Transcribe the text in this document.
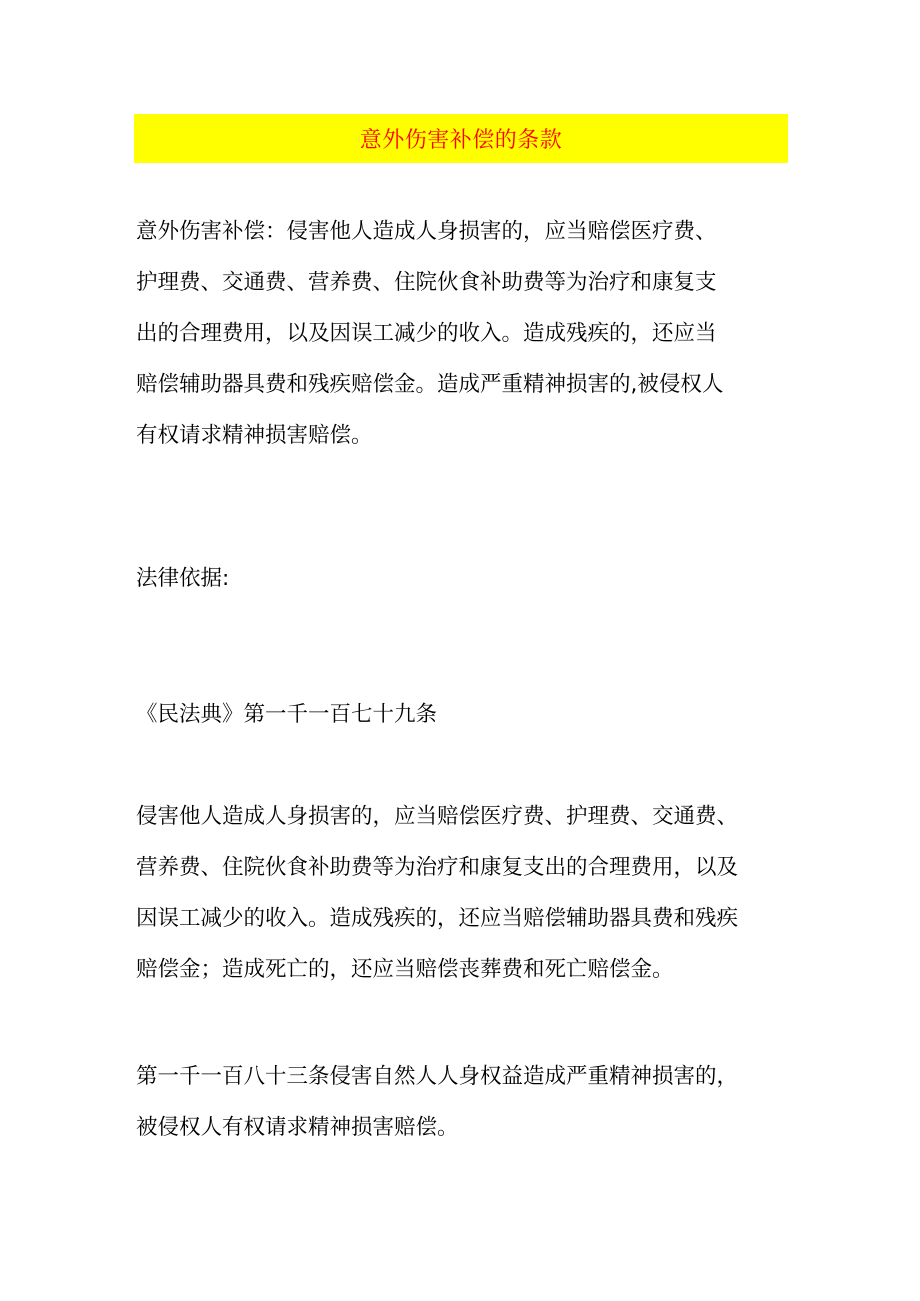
意外伤害补偿的条款

意外伤害补偿：侵害他人造成人身损害的，应当赔偿医疗费、
护理费、交通费、营养费、住院伙食补助费等为治疗和康复支
出的合理费用，以及因误工减少的收入。造成残疾的，还应当
赔偿辅助器具费和残疾赔偿金。造成严重精神损害的,被侵权人
有权请求精神损害赔偿。

法律依据:

《民法典》第一千一百七十九条

侵害他人造成人身损害的，应当赔偿医疗费、护理费、交通费、
营养费、住院伙食补助费等为治疗和康复支出的合理费用，以及
因误工减少的收入。造成残疾的，还应当赔偿辅助器具费和残疾
赔偿金；造成死亡的，还应当赔偿丧葬费和死亡赔偿金。

第一千一百八十三条侵害自然人人身权益造成严重精神损害的，
被侵权人有权请求精神损害赔偿。
